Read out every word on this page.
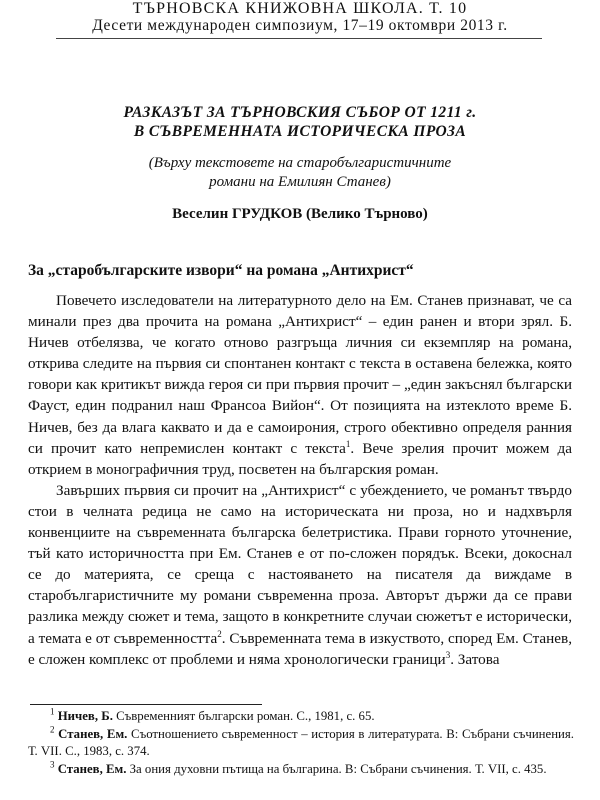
ТЪРНОВСКА КНИЖОВНА ШКОЛА. Т. 10
Десети международен симпозиум, 17–19 октомври 2013 г.
РАЗКАЗЪТ ЗА ТЪРНОВСКИЯ СЪБОР ОТ 1211 г.
В СЪВРЕМЕННАТА ИСТОРИЧЕСКА ПРОЗА
(Върху текстовете на старобългаристичните
романи на Емилиян Станев)
Веселин ГРУДКОВ (Велико Търново)
За „старобългарските извори“ на романа „Антихрист“

Повечето изследователи на литературното дело на Ем. Станев признават, че са минали през два прочита на романа „Антихрист“ – един ранен и втори зрял. Б. Ничев отбелязва, че когато отново разгръща личния си екземпляр на романа, открива следите на първия си спонтанен контакт с текста в оставена бележка, която говори как критикът вижда героя си при първия прочит – „един закъснял български Фауст, един подранил наш Франсоа Вийон“. От позицията на изтеклото време Б. Ничев, без да влага каквато и да е самоирония, строго обективно определя ранния си прочит като непремислен контакт с текста$^1$. Вече зрелия прочит можем да открием в монографичния труд, посветен на българския роман.

Завърших първия си прочит на „Антихрист“ с убеждението, че романът твърдо стои в челната редица не само на историческата ни проза, но и надхвърля конвенциите на съвременната българска белетристика. Прави горното уточнение, тъй като историчността при Ем. Станев е от по-сложен порядък. Всеки, докоснал се до материята, се среща с настояването на писателя да виждаме в старобългаристичните му романи съвременна проза. Авторът държи да се прави разлика между сюжет и тема, защото в конкретните случаи сюжетът е исторически, а темата е от съвременността$^2$. Съвременната тема в изкуството, според Ем. Станев, е сложен комплекс от проблеми и няма хронологически граници$^3$. Затова

$^1$ Ничев, Б. Съвременният български роман. С., 1981, с. 65.

$^2$ Станев, Ем. Съотношението съвременност – история в литературата. В: Събрани съчинения. Т. VII. С., 1983, с. 374.

$^3$ Станев, Ем. За ония духовни пътища на българина. В: Събрани съчинения. Т. VII, с. 435.
